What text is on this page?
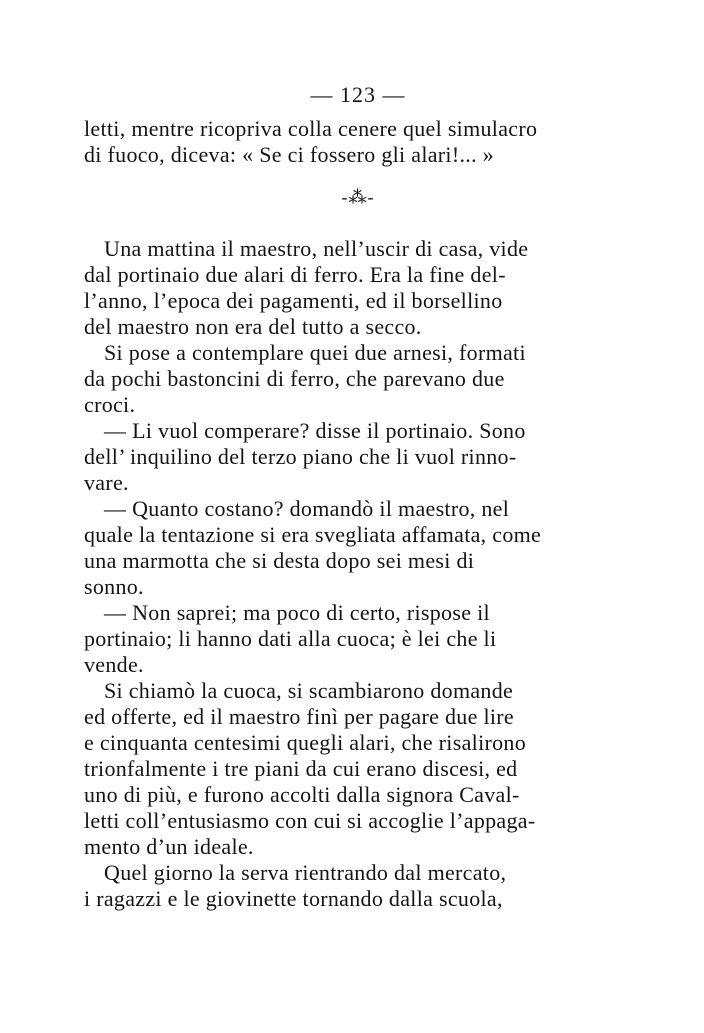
— 123 —
letti, mentre ricopriva colla cenere quel simulacro
di fuoco, diceva: « Se ci fossero gli alari!... »
-⁂-
Una mattina il maestro, nell’uscir di casa, vide
dal portinaio due alari di ferro. Era la fine del-
l’anno, l’epoca dei pagamenti, ed il borsellino
del maestro non era del tutto a secco.
Si pose a contemplare quei due arnesi, formati
da pochi bastoncini di ferro, che parevano due
croci.
— Li vuol comperare? disse il portinaio. Sono
dell’ inquilino del terzo piano che li vuol rinno-
vare.
— Quanto costano? domandò il maestro, nel
quale la tentazione si era svegliata affamata, come
una marmotta che si desta dopo sei mesi di
sonno.
— Non saprei; ma poco di certo, rispose il
portinaio; li hanno dati alla cuoca; è lei che li
vende.
Si chiamò la cuoca, si scambiarono domande
ed offerte, ed il maestro finì per pagare due lire
e cinquanta centesimi quegli alari, che risalirono
trionfalmente i tre piani da cui erano discesi, ed
uno di più, e furono accolti dalla signora Caval-
letti coll’entusiasmo con cui si accoglie l’appaga-
mento d’un ideale.
Quel giorno la serva rientrando dal mercato,
i ragazzi e le giovinette tornando dalla scuola,
